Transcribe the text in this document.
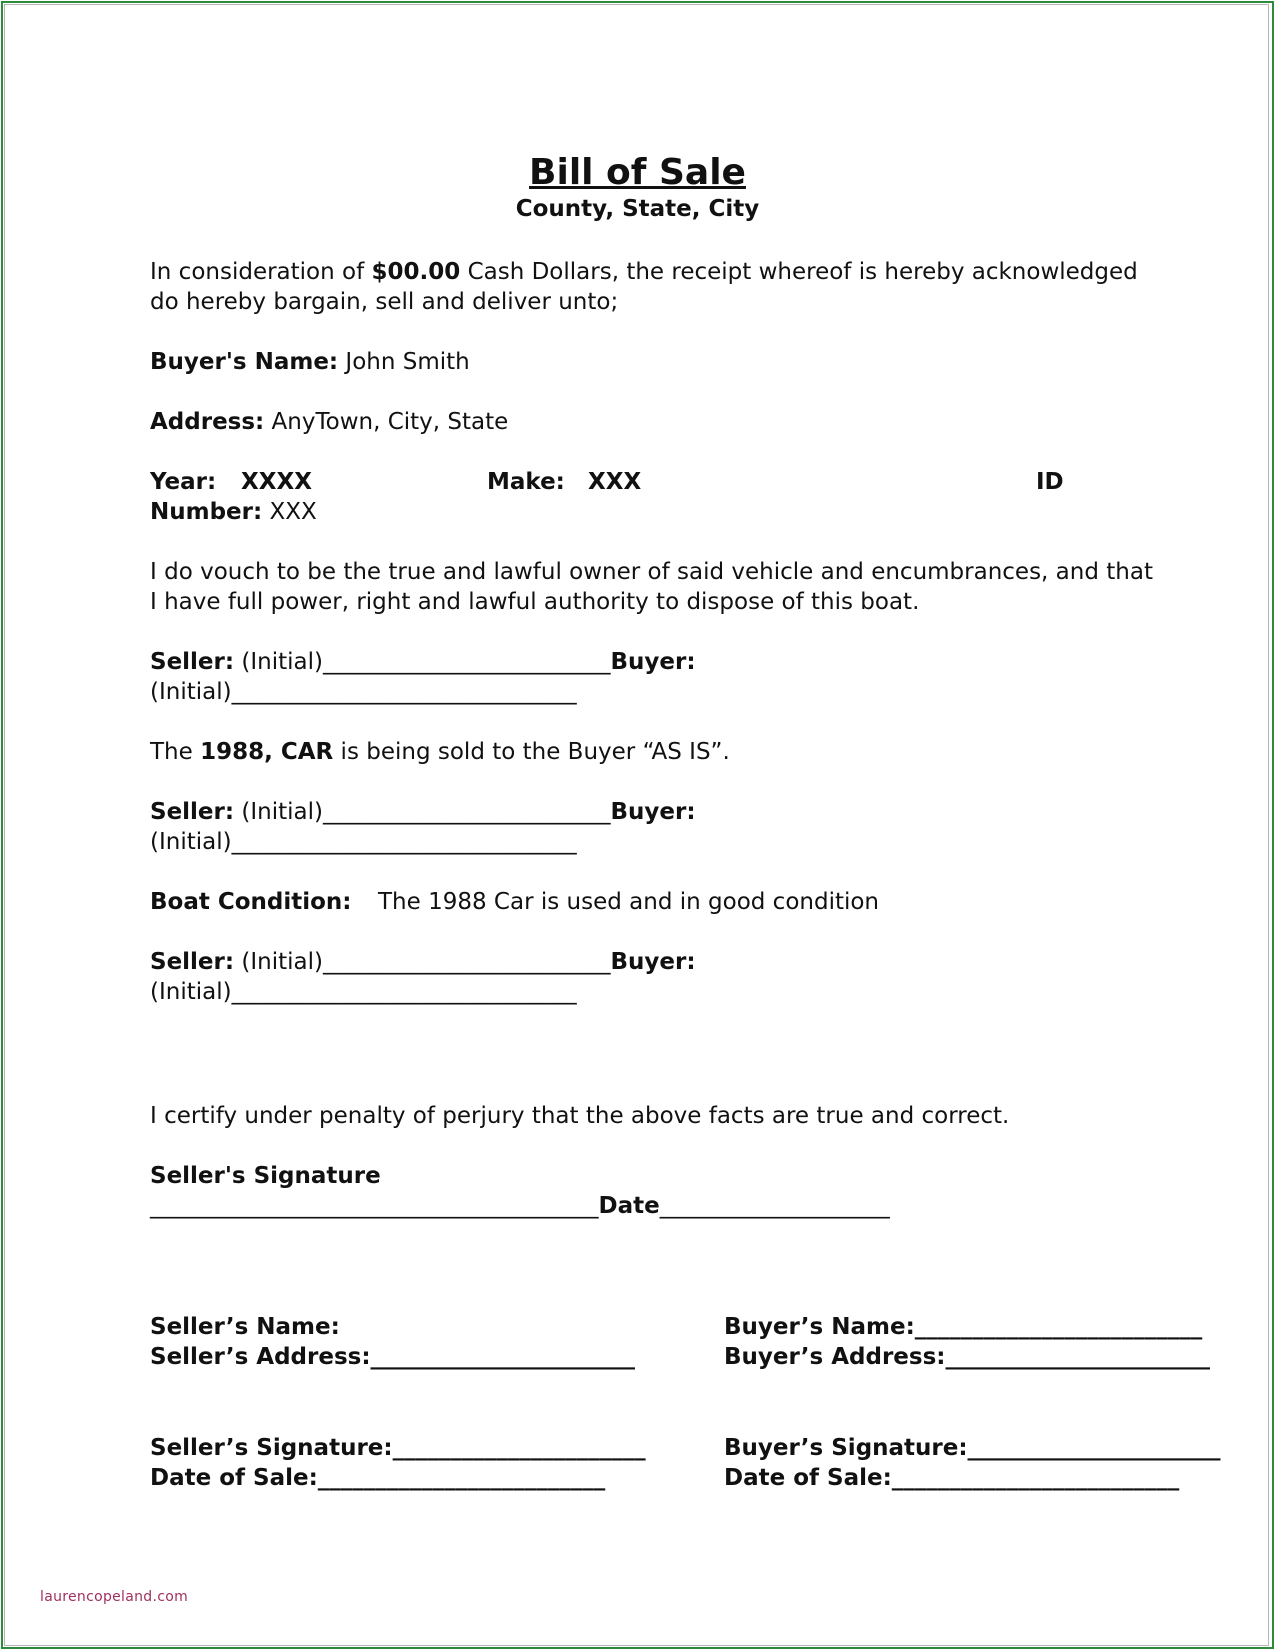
Bill of Sale
County, State, City
In consideration of $00.00 Cash Dollars, the receipt whereof is hereby acknowledged
do hereby bargain, sell and deliver unto;
Buyer's Name: John Smith
Address: AnyTown, City, State
Year: XXXX	Make: XXX	ID
Number: XXX
I do vouch to be the true and lawful owner of said vehicle and encumbrances, and that
I have full power, right and lawful authority to dispose of this boat.
Seller: (Initial)_________________________Buyer:
(Initial)______________________________
The 1988, CAR is being sold to the Buyer “AS IS”.
Seller: (Initial)_________________________Buyer:
(Initial)______________________________
Boat Condition: The 1988 Car is used and in good condition
Seller: (Initial)_________________________Buyer:
(Initial)______________________________
I certify under penalty of perjury that the above facts are true and correct.
Seller's Signature
_______________________________________Date____________________
Seller’s Name:
Seller’s Address:_______________________
Buyer’s Name:_________________________
Buyer’s Address:_______________________
Seller’s Signature:______________________
Date of Sale:_________________________
Buyer’s Signature:______________________
Date of Sale:_________________________
laurencopeland.com
